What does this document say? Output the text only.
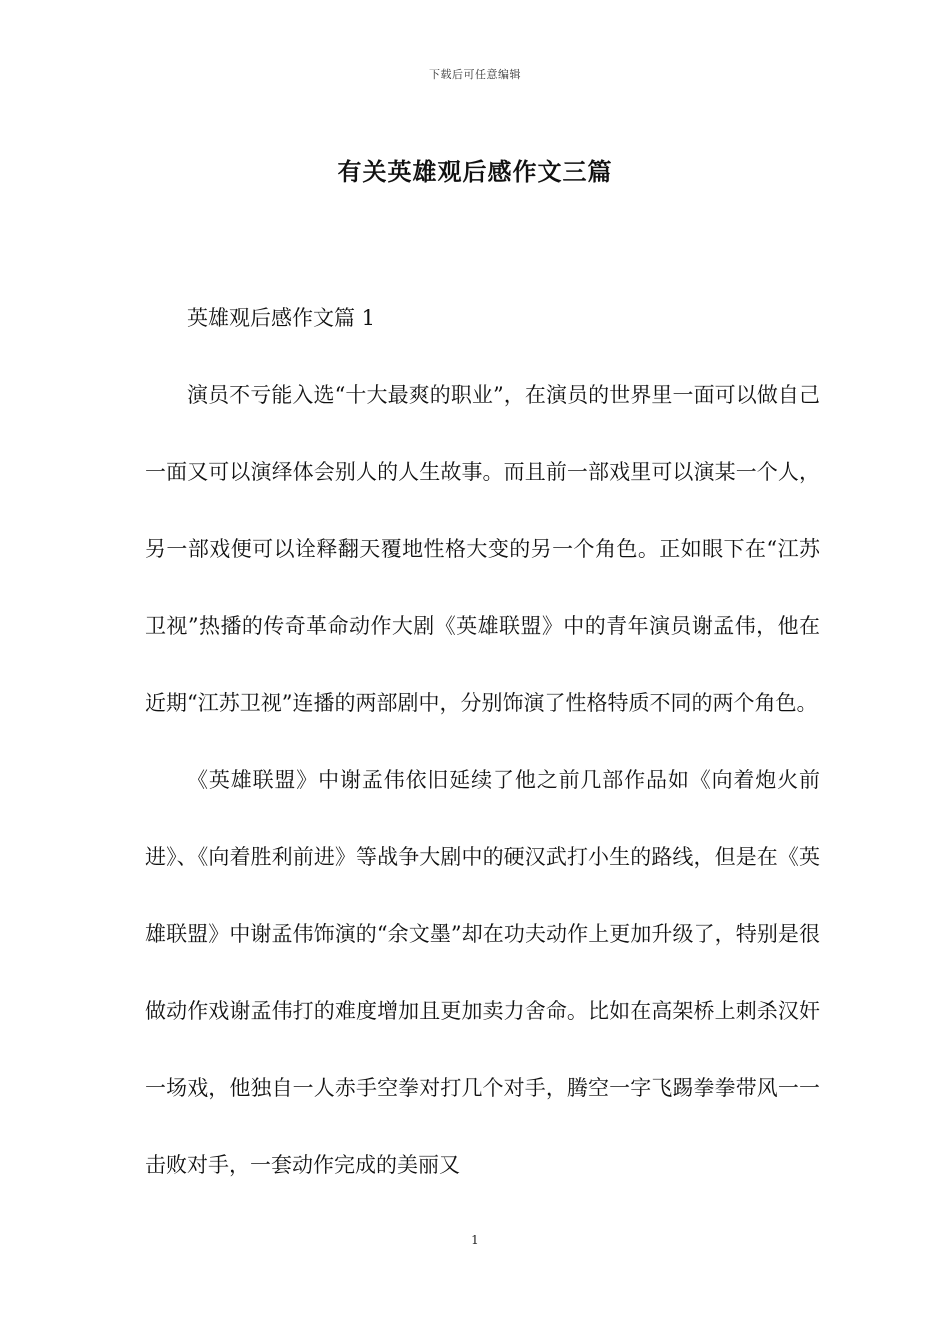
下载后可任意编辑
有关英雄观后感作文三篇

英雄观后感作文篇 1

演员不亏能入选“十大最爽的职业”，在演员的世界里一面可以做自己一面又可以演绎体会别人的人生故事。而且前一部戏里可以演某一个人，另一部戏便可以诠释翻天覆地性格大变的另一个角色。正如眼下在“江苏卫视”热播的传奇革命动作大剧《英雄联盟》中的青年演员谢孟伟，他在近期“江苏卫视”连播的两部剧中，分别饰演了性格特质不同的两个角色。

《英雄联盟》中谢孟伟依旧延续了他之前几部作品如《向着炮火前进》、《向着胜利前进》等战争大剧中的硬汉武打小生的路线，但是在《英雄联盟》中谢孟伟饰演的“余文墨”却在功夫动作上更加升级了，特别是很做动作戏谢孟伟打的难度增加且更加卖力舍命。比如在高架桥上刺杀汉奸一场戏，他独自一人赤手空拳对打几个对手，腾空一字飞踢拳拳带风一一击败对手，一套动作完成的美丽又

1
